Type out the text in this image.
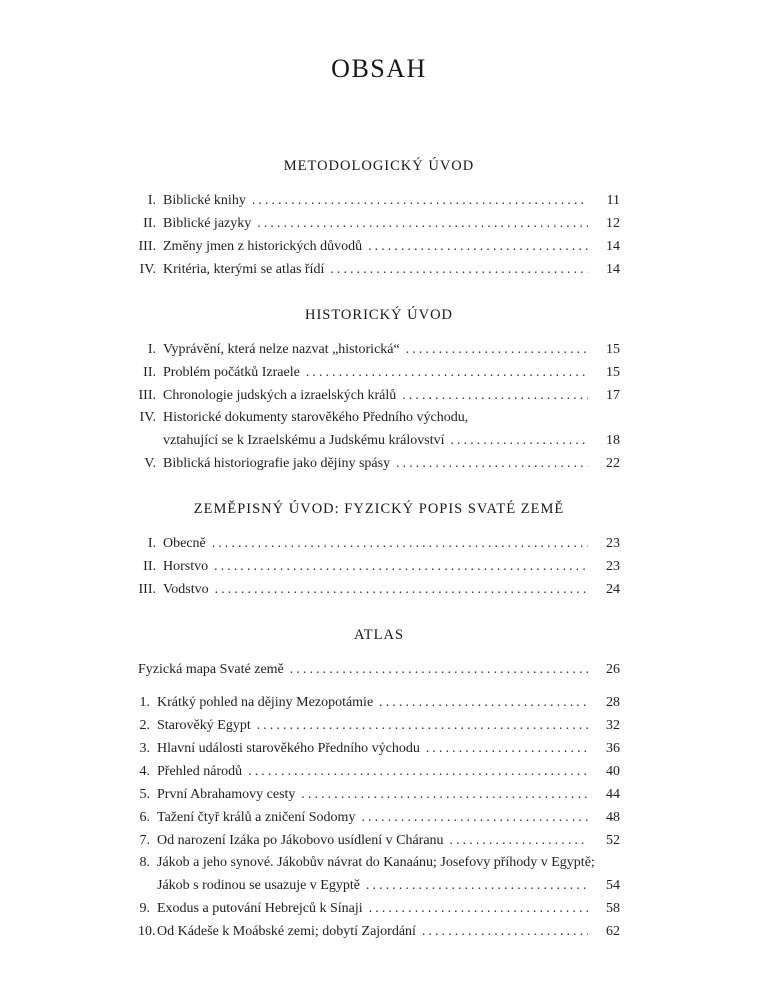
OBSAH
METODOLOGICKÝ ÚVOD
I. Biblické knihy .....	11
II. Biblické jazyky .....	12
III. Změny jmen z historických důvodů .....	14
IV. Kritéria, kterými se atlas řídí .....	14
HISTORICKÝ ÚVOD
I. Vyprávění, která nelze nazvat „historická“ .....	15
II. Problém počátků Izraele .....	15
III. Chronologie judských a izraelských králů .....	17
IV. Historické dokumenty starověkého Předního východu,
vztahující se k Izraelskému a Judskému království .....	18
V. Biblická historiografie jako dějiny spásy .....	22
ZEMĚPISNÝ ÚVOD: FYZICKÝ POPIS SVATÉ ZEMĚ
I. Obecně .....	23
II. Horstvo .....	23
III. Vodstvo .....	24
ATLAS
Fyzická mapa Svaté země .....	26
1. Krátký pohled na dějiny Mezopotámie .....	28
2. Starověký Egypt .....	32
3. Hlavní události starověkého Předního východu .....	36
4. Přehled národů .....	40
5. První Abrahamovy cesty .....	44
6. Tažení čtyř králů a zničení Sodomy .....	48
7. Od narození Izáka po Jákobovo usídlení v Cháranu .....	52
8. Jákob a jeho synové. Jákobův návrat do Kanaánu; Josefovy příhody v Egyptě;
Jákob s rodinou se usazuje v Egyptě .....	54
9. Exodus a putování Hebrejců k Sínaji .....	58
10. Od Kádeše k Moábské zemi; dobytí Zajordání .....	62
